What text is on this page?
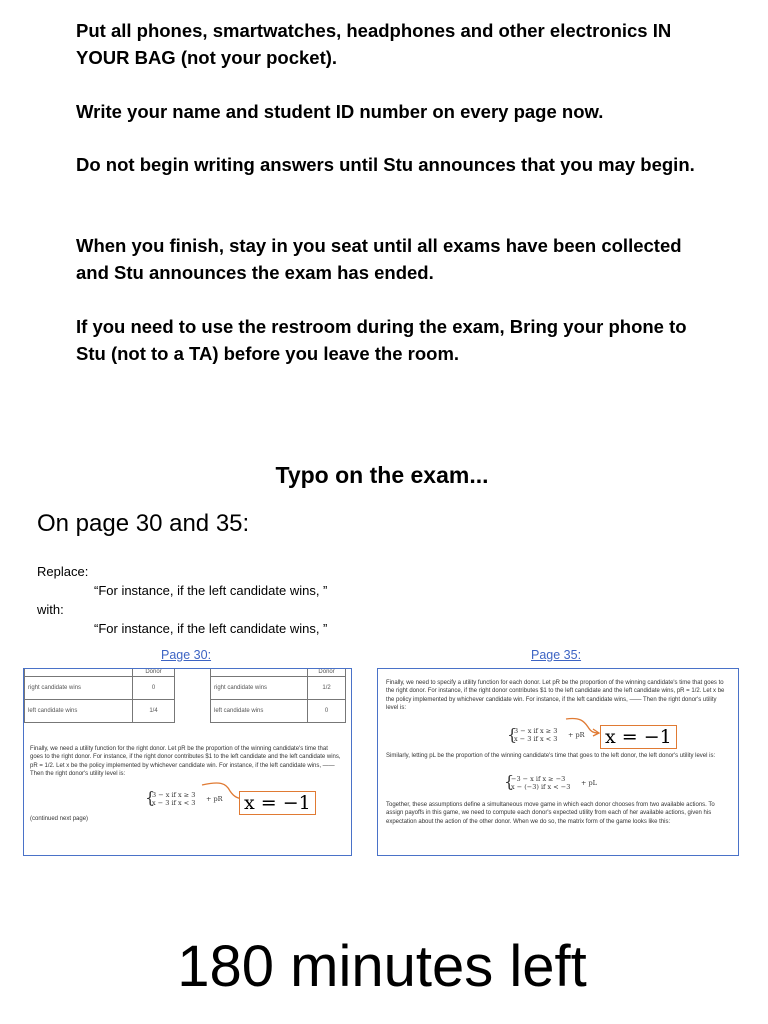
Put all phones, smartwatches, headphones and other electronics IN YOUR BAG (not your pocket).
Write your name and student ID number on every page now.
Do not begin writing answers until Stu announces that you may begin.
When you finish, stay in you seat until all exams have been collected and Stu announces the exam has ended.
If you need to use the restroom during the exam, Bring your phone to Stu (not to a TA) before you leave the room.
Typo on the exam...
On page 30 and 35:
Replace:
“For instance, if the left candidate wins, ”
with:
“For instance, if the left candidate wins, ”
Page 30:	Page 35:
	Donor
right candidate wins	0
left candidate wins	1/4
	Donor
right candidate wins	1/2
left candidate wins	0
Finally, we need a utility function for the right donor. Let pR be the proportion of the winning candidate's time that goes to the right donor. For instance, if the right donor contributes $1 to the left candidate and the left candidate wins, pR = 1/2. Let x be the policy implemented by whichever candidate win. For instance, if the left candidate wins, ——Then the right donor's utility level is:
{
3 − x if x ≥ 3
x − 3 if x < 3 + pR x = −1
(continued next page)
Finally, we need to specify a utility function for each donor. Let pR be the proportion of the winning candidate's time that goes to the right donor. For instance, if the right donor contributes $1 to the left candidate and the left candidate wins, pR = 1/2. Let x be the policy implemented by whichever candidate win. For instance, if the left candidate wins, —— Then the right donor's utility level is:
{
3 − x if x ≥ 3
x − 3 if x < 3 + pR x = −1
Similarly, letting pL be the proportion of the winning candidate's time that goes to the left donor, the left donor's utility level is:
{
−3 − x if x ≥ −3
x − (−3) if x < −3 + pL
Together, these assumptions define a simultaneous move game in which each donor chooses from two available actions. To assign payoffs in this game, we need to compute each donor's expected utility from each of her available actions, given his expectation about the action of the other donor. When we do so, the matrix form of the game looks like this:
180 minutes left
